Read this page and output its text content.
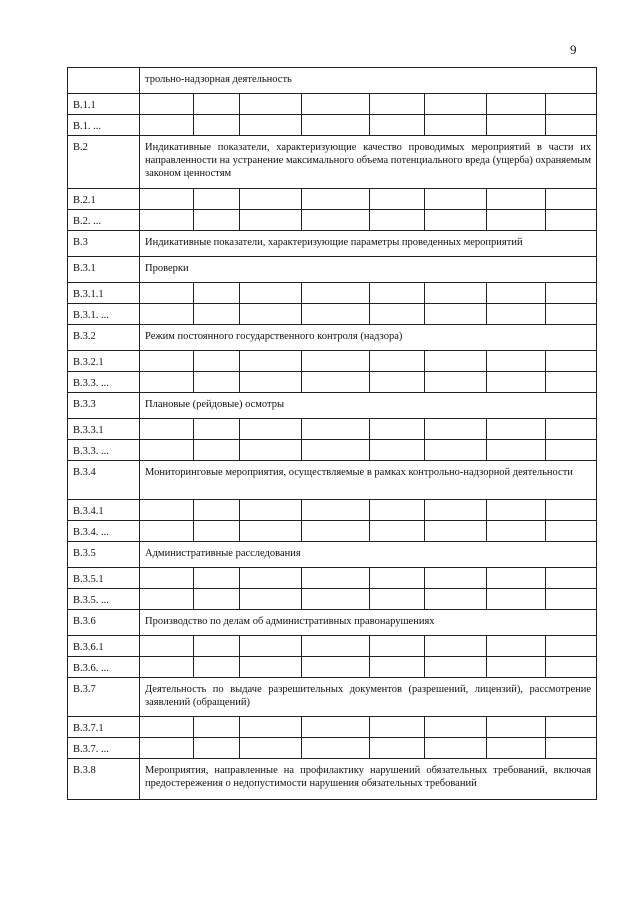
9
	трольно-надзорная деятельность							
В.1.1								
В.1. ...								
В.2	Индикативные показатели, характеризующие качество проводимых мероприятий в части их направленности на устранение максимального объема потенциального вреда (ущерба) охраняемым законом ценностям							
В.2.1								
В.2. ...								
В.3	Индикативные показатели, характеризующие параметры проведенных мероприятий							
В.3.1	Проверки							
В.3.1.1								
В.3.1. ...								
В.3.2	Режим постоянного государственного контроля (надзора)							
В.3.2.1								
В.3.3. ...								
В.3.3	Плановые (рейдовые) осмотры							
В.3.3.1								
В.3.3. ...								
В.3.4	Мониторинговые мероприятия, осуществляемые в рамках контрольно-надзорной деятельности							
В.3.4.1								
В.3.4. ...								
В.3.5	Административные расследования							
В.3.5.1								
В.3.5. ...								
В.3.6	Производство по делам об административных правонарушениях							
В.3.6.1								
В.3.6. ...								
В.3.7	Деятельность по выдаче разрешительных документов (разрешений, лицензий), рассмотрение заявлений (обращений)							
В.3.7.1								
В.3.7. ...								
В.3.8	Мероприятия, направленные на профилактику нарушений обязательных требований, включая предостережения о недопустимости нарушения обязательных требований							
